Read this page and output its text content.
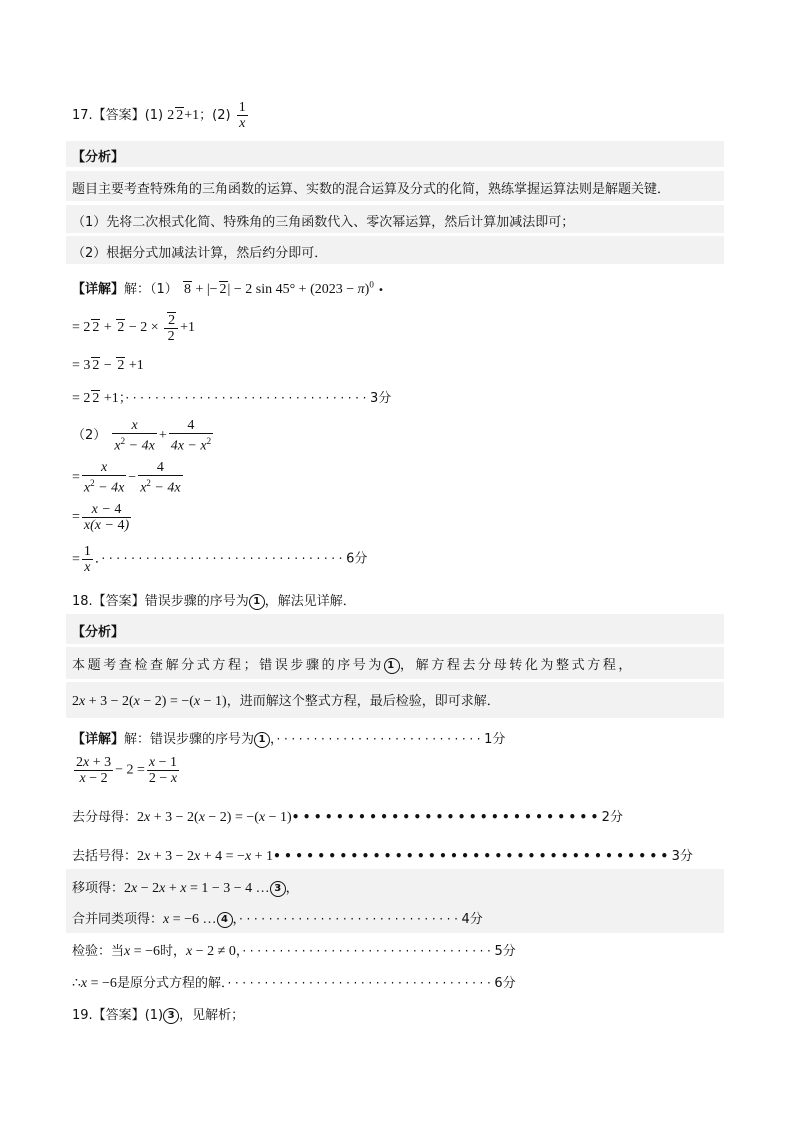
17.【答案】(1) 2 2+1；$(2) \frac{1}{x}$
【分析】
题目主要考查特殊角的三角函数的运算、实数的混合运算及分式的化简，熟练掌握运算法则是解题关键．
（1）先将二次根式化简、特殊角的三角函数代入、零次幂运算，然后计算加减法即可；
（2）根据分式加减法计算，然后约分即可．
【详解】解：（1） 8 + |− 2| − 2 $\sin 45^\circ + (2023 - \pi)^0$ •
= 2 $2 + 2 - 2 \times \frac{2}{2} +1$
= 3 2 − 2 +1
= 2 2 +1；·································3分
$(2) \frac{x}{x^2 - 4x} + \frac{4}{4x - x^2}$
= $\frac{x}{x^2 - 4x} - \frac{4}{x^2 - 4x}$
= $\frac{x - 4}{x(x - 4)}$
= $\frac{1}{x}$ ．·································6分
18.【答案】错误步骤的序号为 1 ，解法见详解．
【分析】
本题考查检查解分式方程；错误步骤的序号为 1 ，解方程去分母转化为整式方程，
2x + 3 − 2(x − 2) = −(x − 1)，进而解这个整式方程，最后检验，即可求解．
【详解】解：错误步骤的序号为 1 ，····························1分
$\frac{2x + 3}{x - 2} - 2 = \frac{x - 1}{2 - x}$
去分母得：2x + 3 − 2(x − 2) = −(x − 1)••••••••••••••••••••••••••••2分
去括号得：2x + 3 − 2x + 4 = −x + 1••••••••••••••••••••••••••••••••••••3分
移项得：2x − 2x + x = 1 − 3 − 4 … 3 ，
合并同类项得：x = −6 … 4 ，······························4分
检验：当x = −6时，x − 2 ≠ 0，··································5分
∴x = −6是原分式方程的解．····································6分
19.【答案】(1) 3 ，见解析；
